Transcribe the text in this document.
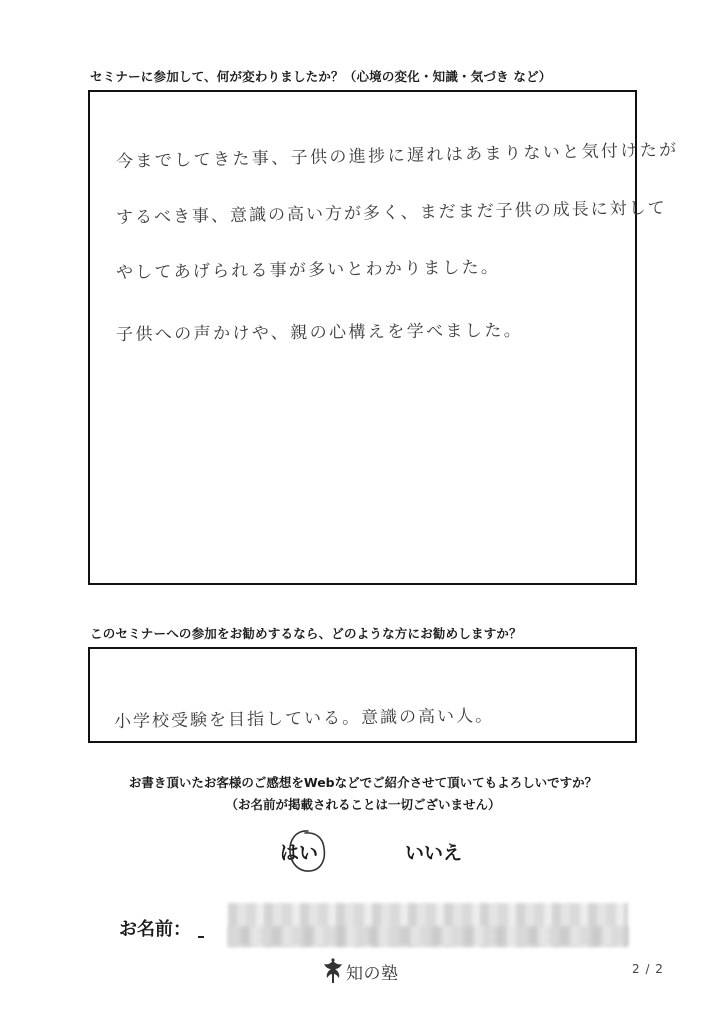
セミナーに参加して、何が変わりましたか？（心境の変化・知識・気づき など）
今までしてきた事、子供の進捗に遅れはあまりないと気付けたが
するべき事、意識の高い方が多く、まだまだ子供の成長に対して
やしてあげられる事が多いとわかりました。
子供への声かけや、親の心構えを学べました。
このセミナーへの参加をお勧めするなら、どのような方にお勧めしますか？
小学校受験を目指している。意識の高い人。
お書き頂いたお客様のご感想をWebなどでご紹介させて頂いてもよろしいですか？
（お名前が掲載されることは一切ございません）
はい	いいえ
お名前：
知の塾	2 / 2
